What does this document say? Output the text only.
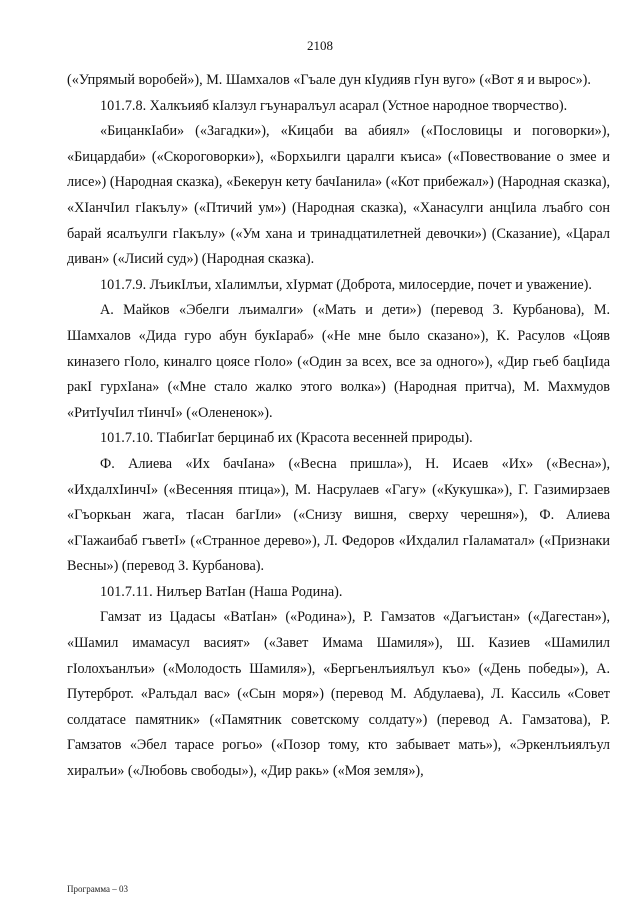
2108

(«Упрямый воробей»), М. Шамхалов «Гъале дун кIудияв гIун вуго» («Вот я и вырос»).

101.7.8. Халкъияб кIалзул гъунаралъул асарал (Устное народное творчество).

«БицанкIаби» («Загадки»), «Кицаби ва абиял» («Пословицы и поговорки»), «Бицардаби» («Скороговорки»), «Борхьилги царалги къиса» («Повествование о змее и лисе») (Народная сказка), «Бекерун кету бачIанила» («Кот прибежал») (Народная сказка), «ХIанчIил гIакълу» («Птичий ум») (Народная сказка), «Ханасулги анцIила лъабго сон барай ясалъулги гIакълу» («Ум хана и тринадцатилетней девочки») (Сказание), «Царал диван» («Лисий суд») (Народная сказка).

101.7.9. ЛъикIлъи, хIалимлъи, хIурмат (Доброта, милосердие, почет и уважение).

А. Майков «Эбелги лъималги» («Мать и дети») (перевод З. Курбанова), М. Шамхалов «Дида гуро абун букIараб» («Не мне было сказано»), К. Расулов «Цояв киназего гIоло, киналго цоясе гIоло» («Один за всех, все за одного»), «Дир гьеб бацIида ракI гурхIана» («Мне стало жалко этого волка») (Народная притча), М. Махмудов «РитIучIил тIинчI» («Олененок»).

101.7.10. ТIабигIат берцинаб их (Красота весенней природы).

Ф. Алиева «Их бачIана» («Весна пришла»), Н. Исаев «Их» («Весна»), «ИхдалхIинчI» («Весенняя птица»), М. Насрулаев «Гагу» («Кукушка»), Г. Газимирзаев «Гъоркьан жага, тIасан багIли» («Снизу вишня, сверху черешня»), Ф. Алиева «ГIажаибаб гъветI» («Странное дерево»), Л. Федоров «Ихдалил гIаламатал» («Признаки Весны») (перевод З. Курбанова).

101.7.11. Нилъер ВатIан (Наша Родина).

Гамзат из Цадасы «ВатIан» («Родина»), Р. Гамзатов «Дагъистан» («Дагестан»), «Шамил имамасул васият» («Завет Имама Шамиля»), Ш. Казиев «Шамилил гIолохъанлъи» («Молодость Шамиля»), «Бергьенлъиялъул къо» («День победы»), А. Путерброт. «Ралъдал вас» («Сын моря») (перевод М. Абдулаева), Л. Кассиль «Совет солдатасе памятник» («Памятник советскому солдату») (перевод А. Гамзатова), Р. Гамзатов «Эбел тарасе рогьо» («Позор тому, кто забывает мать»), «Эркенлъиялъул хиралъи» («Любовь свободы»), «Дир ракь» («Моя земля»),

Программа – 03
